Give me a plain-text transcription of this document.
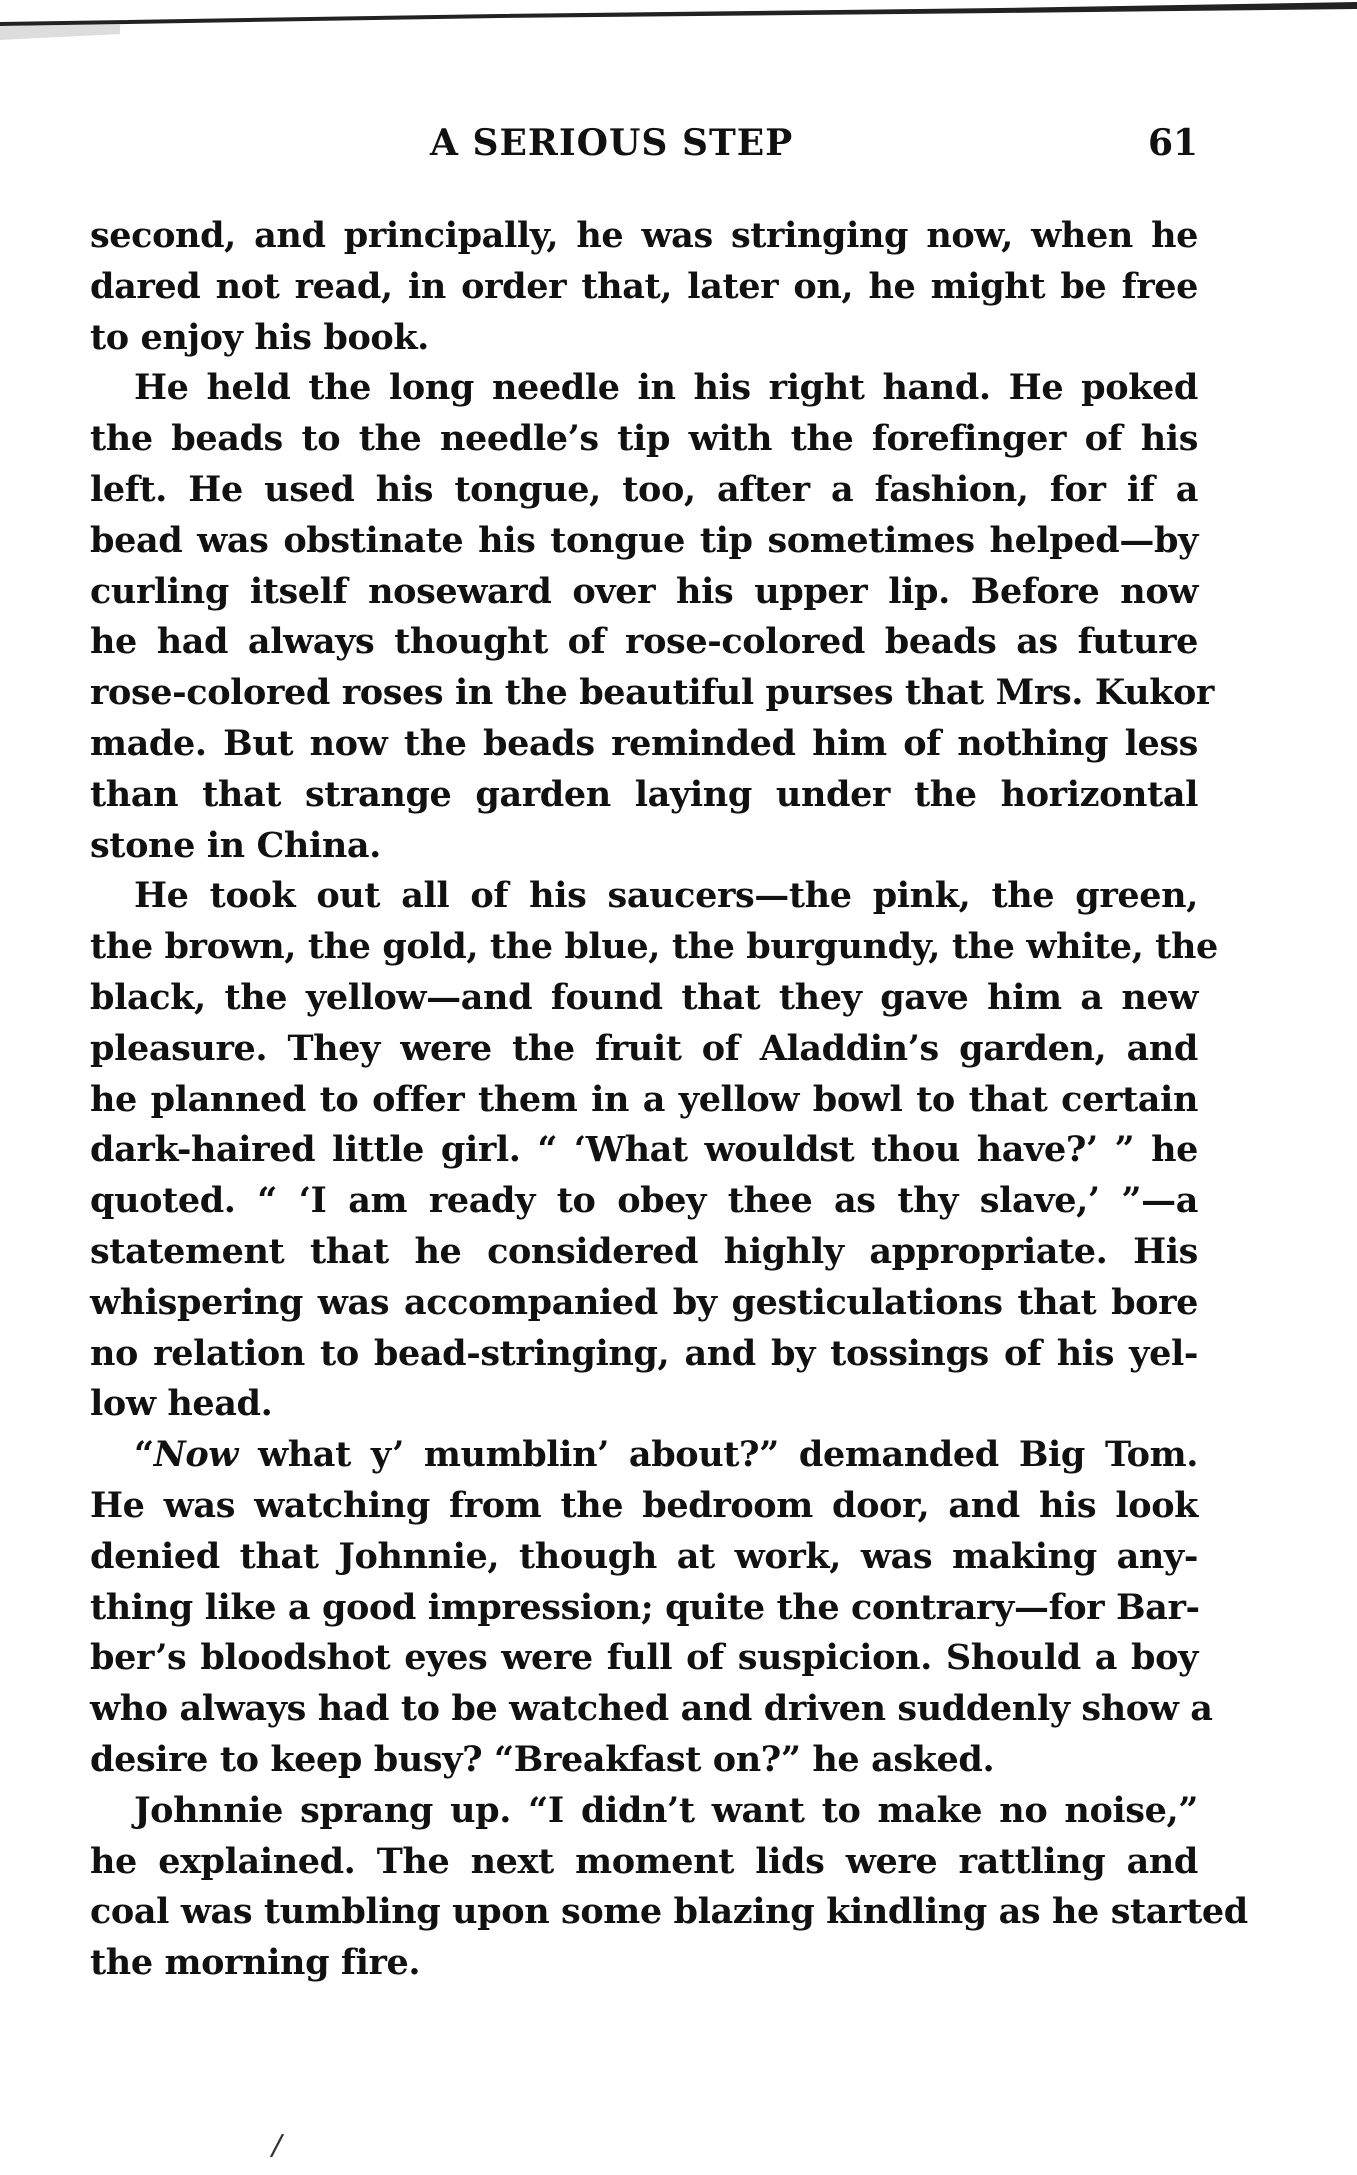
A SERIOUS STEP	61
second, and principally, he was stringing now, when he
dared not read, in order that, later on, he might be free
to enjoy his book.
He held the long needle in his right hand. He poked
the beads to the needle’s tip with the forefinger of his
left. He used his tongue, too, after a fashion, for if a
bead was obstinate his tongue tip sometimes helped—by
curling itself noseward over his upper lip. Before now
he had always thought of rose-colored beads as future
rose-colored roses in the beautiful purses that Mrs. Kukor
made. But now the beads reminded him of nothing less
than that strange garden laying under the horizontal
stone in China.
He took out all of his saucers—the pink, the green,
the brown, the gold, the blue, the burgundy, the white, the
black, the yellow—and found that they gave him a new
pleasure. They were the fruit of Aladdin’s garden, and
he planned to offer them in a yellow bowl to that certain
dark-haired little girl. “ ‘What wouldst thou have?’ ” he
quoted. “ ‘I am ready to obey thee as thy slave,’ ”—a
statement that he considered highly appropriate. His
whispering was accompanied by gesticulations that bore
no relation to bead-stringing, and by tossings of his yel-
low head.
“Now what y’ mumblin’ about?” demanded Big Tom.
He was watching from the bedroom door, and his look
denied that Johnnie, though at work, was making any-
thing like a good impression; quite the contrary—for Bar-
ber’s bloodshot eyes were full of suspicion. Should a boy
who always had to be watched and driven suddenly show a
desire to keep busy? “Breakfast on?” he asked.
Johnnie sprang up. “I didn’t want to make no noise,”
he explained. The next moment lids were rattling and
coal was tumbling upon some blazing kindling as he started
the morning fire.
/
